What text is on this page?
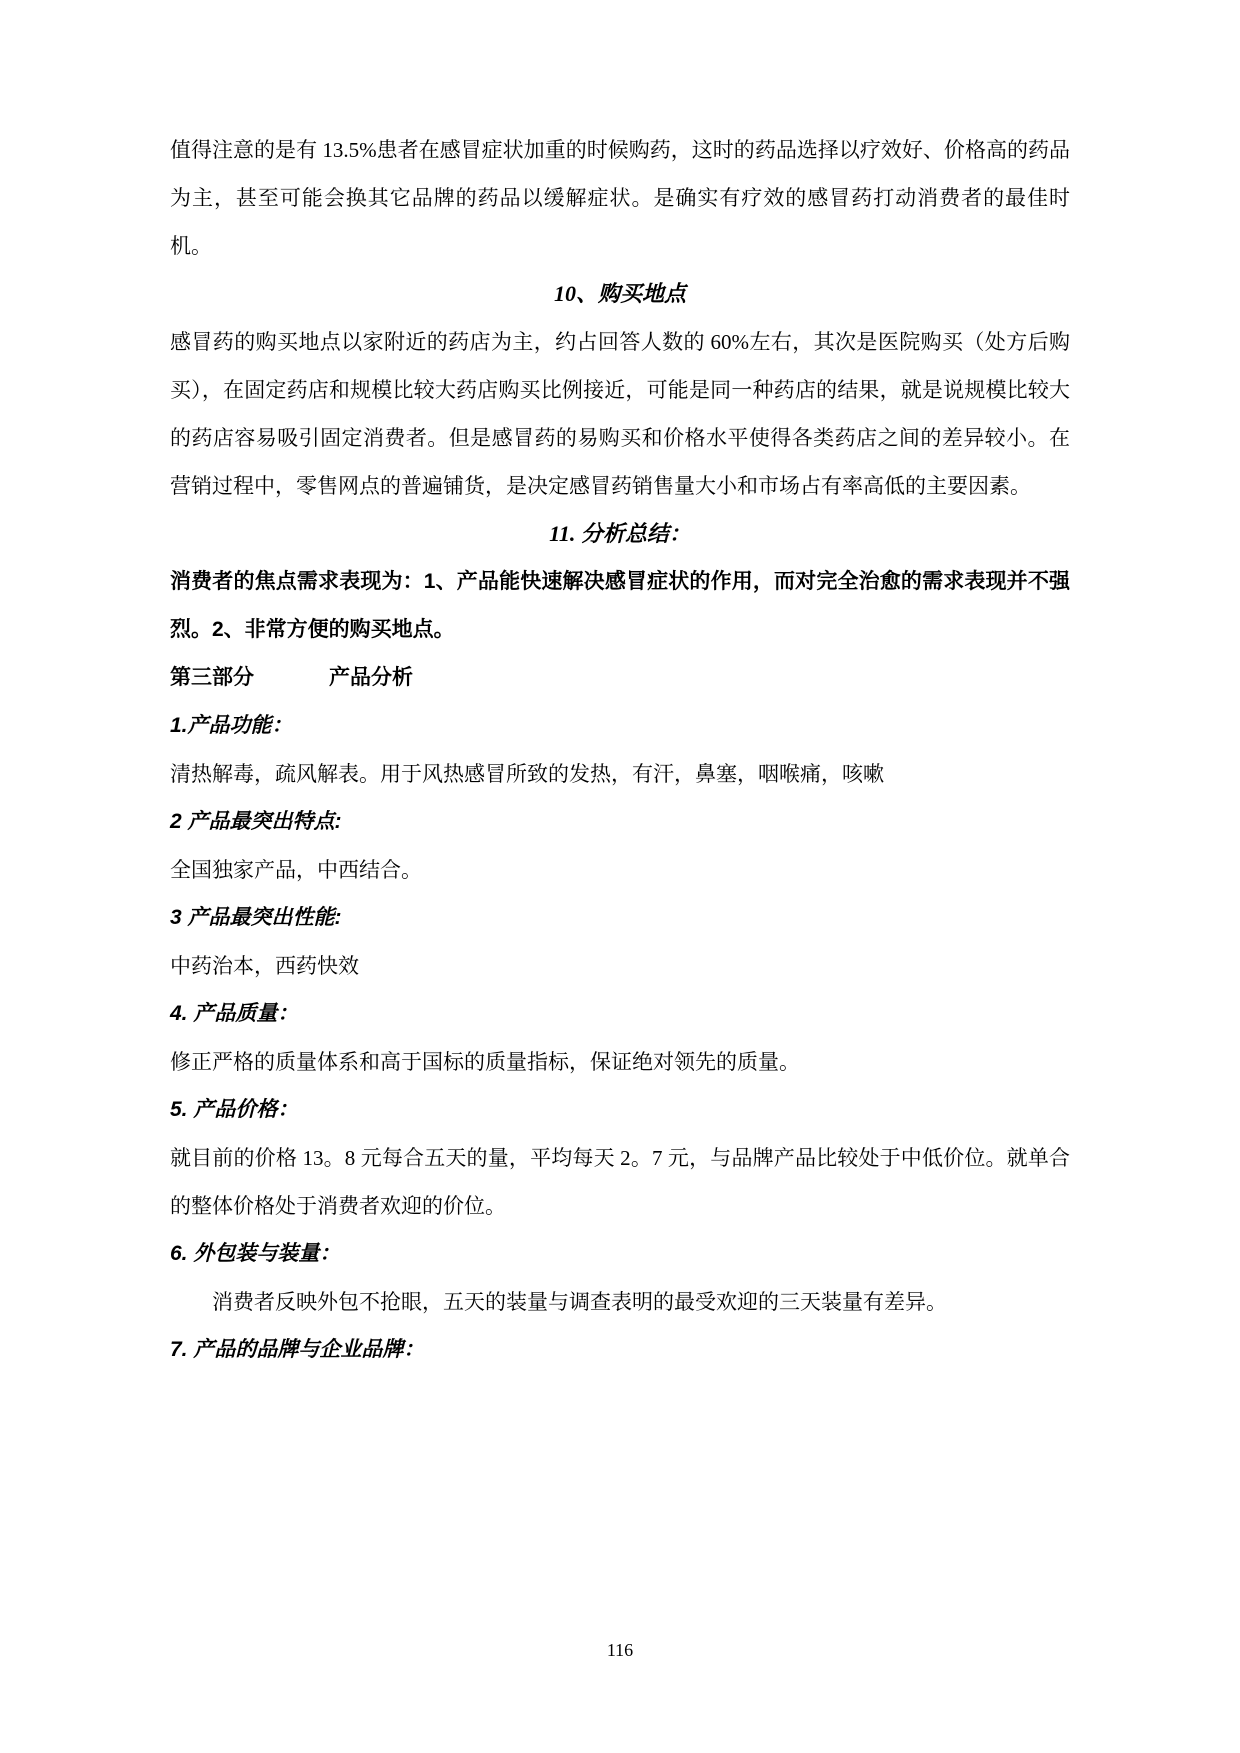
值得注意的是有 13.5%患者在感冒症状加重的时候购药，这时的药品选择以疗效好、价格高的药品为主，甚至可能会换其它品牌的药品以缓解症状。是确实有疗效的感冒药打动消费者的最佳时机。

10、购买地点

感冒药的购买地点以家附近的药店为主，约占回答人数的 60%左右，其次是医院购买（处方后购买），在固定药店和规模比较大药店购买比例接近，可能是同一种药店的结果，就是说规模比较大的药店容易吸引固定消费者。但是感冒药的易购买和价格水平使得各类药店之间的差异较小。在营销过程中，零售网点的普遍铺货，是决定感冒药销售量大小和市场占有率高低的主要因素。

11. 分析总结：

消费者的焦点需求表现为：1、产品能快速解决感冒症状的作用，而对完全治愈的需求表现并不强烈。2、非常方便的购买地点。

第三部分	产品分析
1.产品功能：

清热解毒，疏风解表。用于风热感冒所致的发热，有汗，鼻塞，咽喉痛，咳嗽

2 产品最突出特点:

全国独家产品，中西结合。

3 产品最突出性能:

中药治本，西药快效

4. 产品质量：

修正严格的质量体系和高于国标的质量指标，保证绝对领先的质量。

5. 产品价格：

就目前的价格 13。8 元每合五天的量，平均每天 2。7 元，与品牌产品比较处于中低价位。就单合的整体价格处于消费者欢迎的价位。

6. 外包装与装量：

消费者反映外包不抢眼，五天的装量与调查表明的最受欢迎的三天装量有差异。

7. 产品的品牌与企业品牌：
116
